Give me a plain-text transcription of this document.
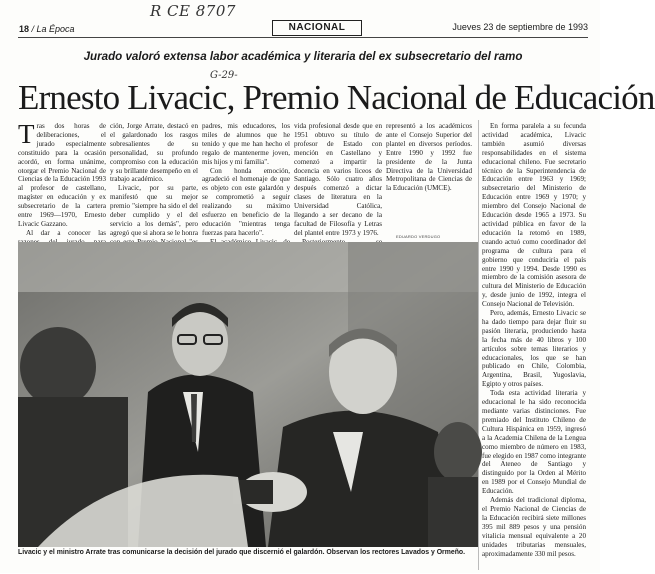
R CE 8707
G-29-
18 / La Época	NACIONAL	Jueves 23 de septiembre de 1993
Jurado valoró extensa labor académica y literaria del ex subsecretario del ramo
Ernesto Livacic, Premio Nacional de Educación

Tras dos horas de deliberaciones, el jurado especialmente constituido para la ocasión acordó, en forma unánime, otorgar el Premio Nacional de Ciencias de la Educación 1993 al profesor de castellano, magíster en educación y ex subsecretario de la cartera entre 1969—1970, Ernesto Livacic Gazzano.

Al dar a conocer las

ción, Jorge Arrate, destacó en el galardonado los rasgos sobresalientes de su personalidad, su profundo compromiso con la educación y su brillante desempeño en el trabajo académico.

Livacic, por su parte, manifestó que su mejor premio "siempre ha sido el del deber cumplido y el del servicio a los demás", pero agregó que si ahora se le honra

padres, mis educadores, los miles de alumnos que he tenido y que me han hecho el regalo de mantenerme joven, mis hijos y mi familia".

Con honda emoción, agradeció el homenaje de que es objeto con este galardón y se comprometió a seguir realizando su máximo esfuerzo en beneficio de la educación "mientras tenga fuerzas para hacerlo".

vida profesional desde que en 1951 obtuvo su título de profesor de Estado con mención en Castellano y comenzó a impartir la docencia en varios liceos de Santiago. Sólo cuatro años después comenzó a dictar clases de literatura en la Universidad Católica, llegando a ser decano de la facultad de Filosofía y Letras del plantel entre 1973 y 1976.

representó a los académicos ante el Consejo Superior del plantel en diversos períodos. Entre 1990 y 1992 fue presidente de la Junta Directiva de la Universidad Metropolitana de Ciencias de la Educación (UMCE).

EDUARDO VERDUGO

En forma paralela a su fecunda actividad académica, Livacic también asumió diversas responsabilidades en el sistema educacional chileno. Fue secretario técnico de la Superintendencia de Educación entre 1963 y 1969; subsecretario del Ministerio de Educación entre 1969 y 1970; y miembro del Consejo Nacional de Educación desde 1965 a 1973. Su actividad pública en favor de la educación la retomó en 1989, cuando actuó como coordinador del programa de cultura para el gobierno que conduciría el país entre 1990 y 1994. Desde 1990 es miembro de la comisión asesora de cultura del Ministerio de Educación y, desde junio de 1992, integra el Consejo Nacional de Televisión.

Pero, además, Ernesto Livacic se ha dado tiempo para dejar fluir su pasión literaria, produciendo hasta la fecha más de 40 libros y 100 artículos sobre temas literarios y educacionales, los que se han publicado en Chile, Colombia, Argentina, Brasil, Yugoslavia, Egipto y otros países.

Toda esta actividad literaria y educacional le ha sido reconocida mediante varias distinciones. Fue premiado del Instituto Chileno de Cultura Hispánica en 1959, ingresó a la Academia Chilena de la Lengua como miembro de número en 1983, fue elegido en 1987 como integrante del Ateneo de Santiago y distinguido por la Orden al Mérito en 1989 por el Consejo Mundial de Educación.

Además del tradicional diploma, el Premio Nacional de Ciencias de la Educación recibirá siete millones 395 mil 889 pesos y una pensión vitalicia mensual equivalente a 20 unidades tributarias mensuales, aproximadamente 330 mil pesos.

Livacic y el ministro Arrate tras comunicarse la decisión del jurado que discernió el galardón. Observan los rectores Lavados y Ormeño.
